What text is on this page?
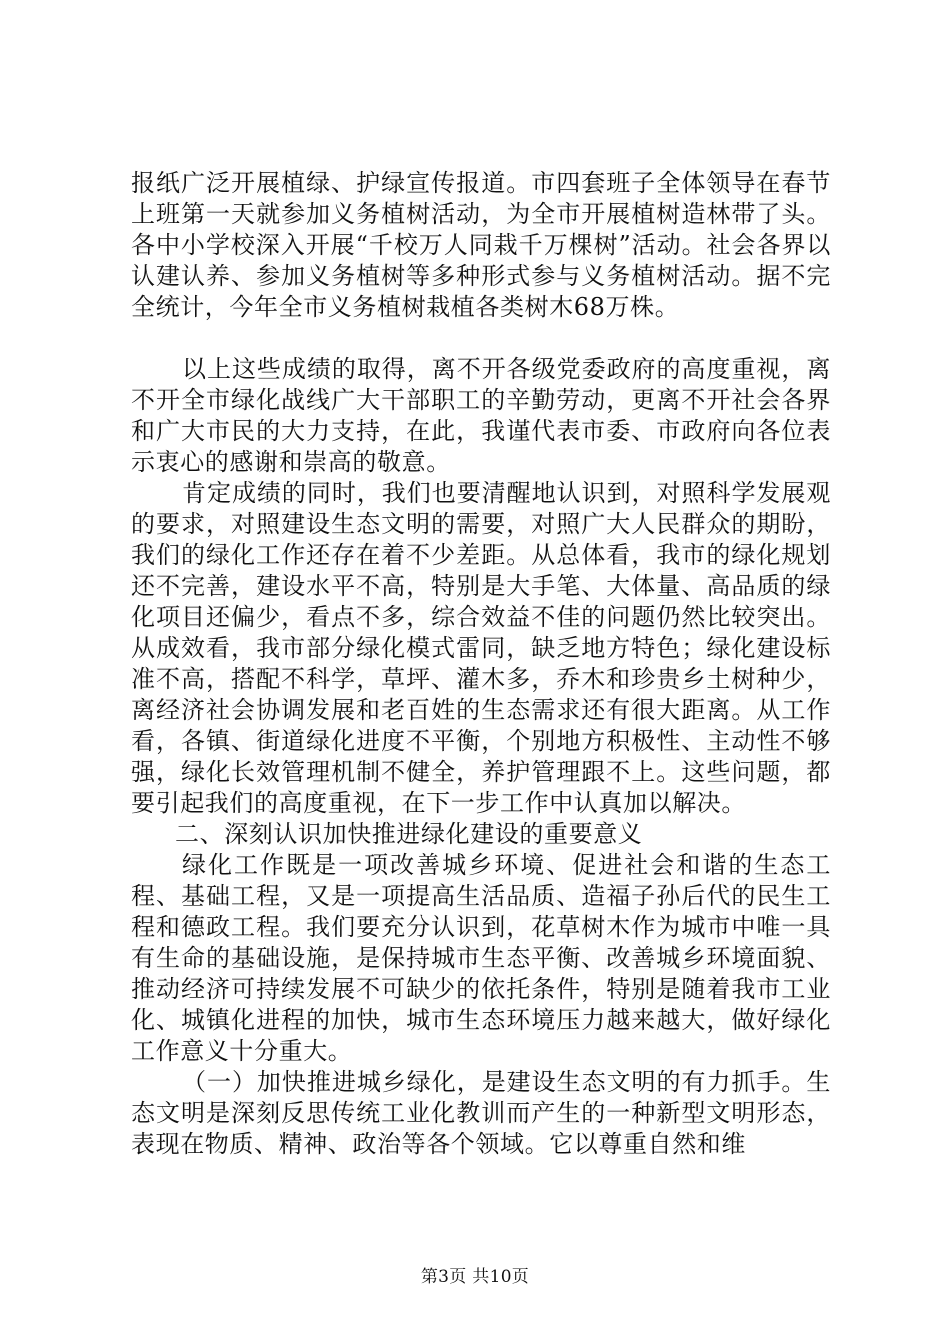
报纸广泛开展植绿、护绿宣传报道。市四套班子全体领导在春节上班第一天就参加义务植树活动，为全市开展植树造林带了头。各中小学校深入开展“千校万人同栽千万棵树”活动。社会各界以认建认养、参加义务植树等多种形式参与义务植树活动。据不完全统计，今年全市义务植树栽植各类树木68万株。

以上这些成绩的取得，离不开各级党委政府的高度重视，离不开全市绿化战线广大干部职工的辛勤劳动，更离不开社会各界和广大市民的大力支持，在此，我谨代表市委、市政府向各位表示衷心的感谢和崇高的敬意。

肯定成绩的同时，我们也要清醒地认识到，对照科学发展观的要求，对照建设生态文明的需要，对照广大人民群众的期盼，我们的绿化工作还存在着不少差距。从总体看，我市的绿化规划还不完善，建设水平不高，特别是大手笔、大体量、高品质的绿化项目还偏少，看点不多，综合效益不佳的问题仍然比较突出。从成效看，我市部分绿化模式雷同，缺乏地方特色；绿化建设标准不高，搭配不科学，草坪、灌木多，乔木和珍贵乡土树种少，离经济社会协调发展和老百姓的生态需求还有很大距离。从工作看，各镇、街道绿化进度不平衡，个别地方积极性、主动性不够强，绿化长效管理机制不健全，养护管理跟不上。这些问题，都要引起我们的高度重视，在下一步工作中认真加以解决。

二、深刻认识加快推进绿化建设的重要意义

绿化工作既是一项改善城乡环境、促进社会和谐的生态工程、基础工程，又是一项提高生活品质、造福子孙后代的民生工程和德政工程。我们要充分认识到，花草树木作为城市中唯一具有生命的基础设施，是保持城市生态平衡、改善城乡环境面貌、推动经济可持续发展不可缺少的依托条件，特别是随着我市工业化、城镇化进程的加快，城市生态环境压力越来越大，做好绿化工作意义十分重大。

（一）加快推进城乡绿化，是建设生态文明的有力抓手。生态文明是深刻反思传统工业化教训而产生的一种新型文明形态，表现在物质、精神、政治等各个领域。它以尊重自然和维

第3页 共10页
